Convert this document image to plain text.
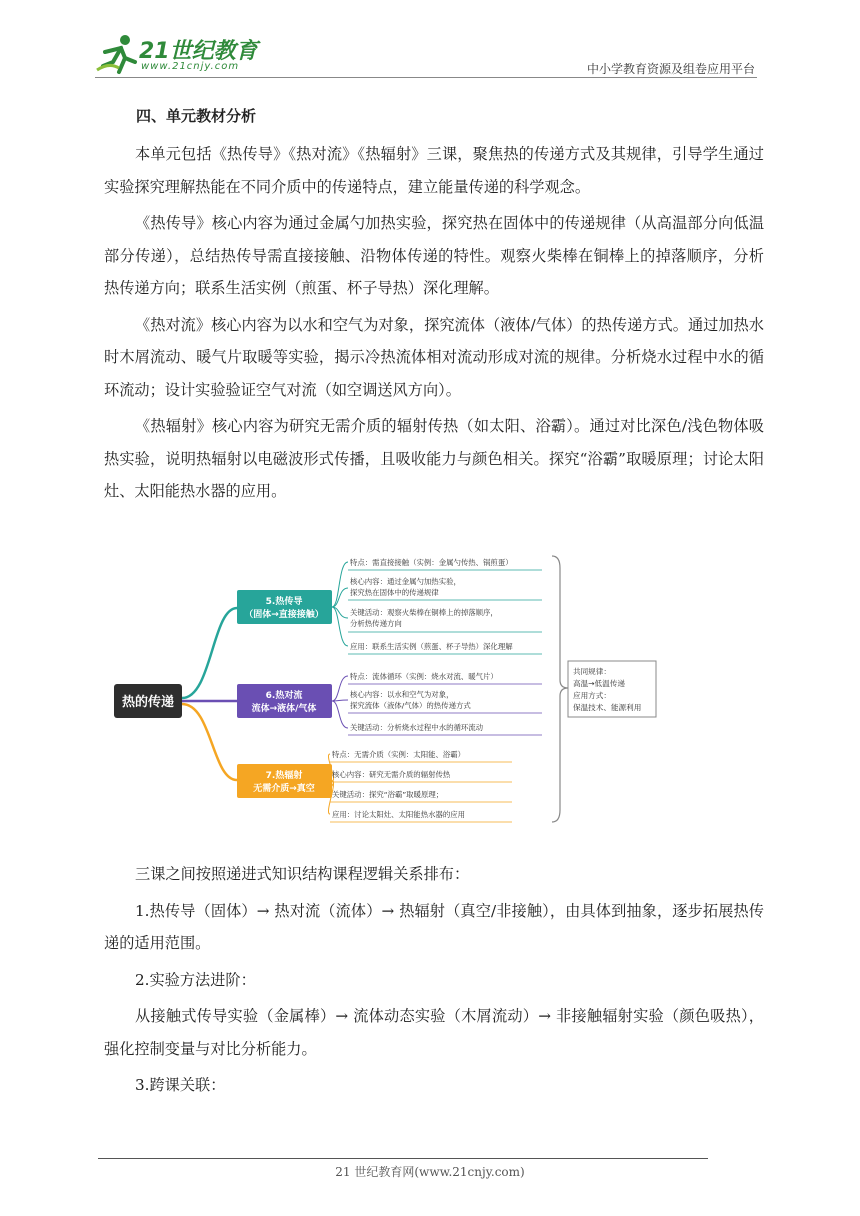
21世纪教育
www.21cnjy.com	中小学教育资源及组卷应用平台
四、单元教材分析

本单元包括《热传导》《热对流》《热辐射》三课，聚焦热的传递方式及其规律，引导学生通过实验探究理解热能在不同介质中的传递特点，建立能量传递的科学观念。

《热传导》核心内容为通过金属勺加热实验，探究热在固体中的传递规律（从高温部分向低温部分传递），总结热传导需直接接触、沿物体传递的特性。观察火柴棒在铜棒上的掉落顺序，分析热传递方向；联系生活实例（煎蛋、杯子导热）深化理解。

《热对流》核心内容为以水和空气为对象，探究流体（液体/气体）的热传递方式。通过加热水时木屑流动、暖气片取暖等实验，揭示冷热流体相对流动形成对流的规律。分析烧水过程中水的循环流动；设计实验验证空气对流（如空调送风方向）。

《热辐射》核心内容为研究无需介质的辐射传热（如太阳、浴霸）。通过对比深色/浅色物体吸热实验，说明热辐射以电磁波形式传播，且吸收能力与颜色相关。探究“浴霸”取暖原理；讨论太阳灶、太阳能热水器的应用。

热的传递
5.热传导
（固体→直接接触）
特点：需直接接触（实例：金属勺传热、锅煎蛋）
核心内容：通过金属勺加热实验，
探究热在固体中的传递规律
关键活动：观察火柴棒在铜棒上的掉落顺序，
分析热传递方向
应用：联系生活实例（煎蛋、杯子导热）深化理解
6.热对流
流体→液体/气体
特点：流体循环（实例：烧水对流、暖气片）
核心内容：以水和空气为对象，
探究流体（液体/气体）的热传递方式
关键活动：分析烧水过程中水的循环流动
7.热辐射
无需介质→真空
特点：无需介质（实例：太阳能、浴霸）
核心内容：研究无需介质的辐射传热
关键活动：探究“浴霸”取暖原理；
应用：讨论太阳灶、太阳能热水器的应用
共同规律：
高温→低温传递
应用方式：
保温技术、能源利用

三课之间按照递进式知识结构课程逻辑关系排布：

1.热传导（固体）→ 热对流（流体）→ 热辐射（真空/非接触），由具体到抽象，逐步拓展热传递的适用范围。

2.实验方法进阶：

从接触式传导实验（金属棒）→ 流体动态实验（木屑流动）→ 非接触辐射实验（颜色吸热），强化控制变量与对比分析能力。

3.跨课关联：

21 世纪教育网(www.21cnjy.com)
